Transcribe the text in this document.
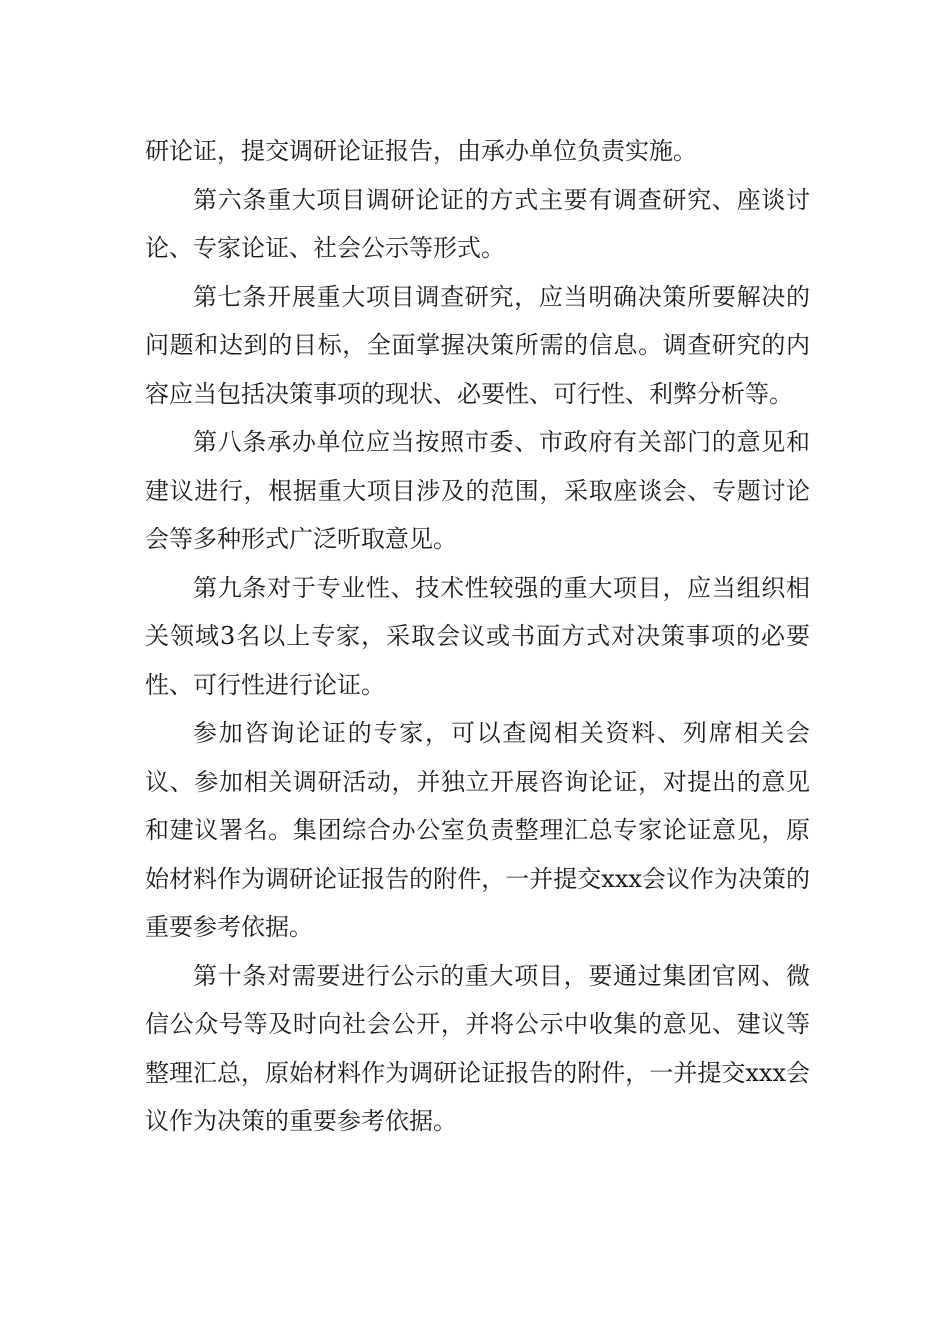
研论证，提交调研论证报告，由承办单位负责实施。

第六条重大项目调研论证的方式主要有调查研究、座谈讨论、专家论证、社会公示等形式。

第七条开展重大项目调查研究，应当明确决策所要解决的问题和达到的目标，全面掌握决策所需的信息。调查研究的内容应当包括决策事项的现状、必要性、可行性、利弊分析等。

第八条承办单位应当按照市委、市政府有关部门的意见和建议进行，根据重大项目涉及的范围，采取座谈会、专题讨论会等多种形式广泛听取意见。

第九条对于专业性、技术性较强的重大项目，应当组织相关领域3名以上专家，采取会议或书面方式对决策事项的必要性、可行性进行论证。

参加咨询论证的专家，可以查阅相关资料、列席相关会议、参加相关调研活动，并独立开展咨询论证，对提出的意见和建议署名。集团综合办公室负责整理汇总专家论证意见，原始材料作为调研论证报告的附件，一并提交xxx会议作为决策的重要参考依据。

第十条对需要进行公示的重大项目，要通过集团官网、微信公众号等及时向社会公开，并将公示中收集的意见、建议等整理汇总，原始材料作为调研论证报告的附件，一并提交xxx会议作为决策的重要参考依据。
